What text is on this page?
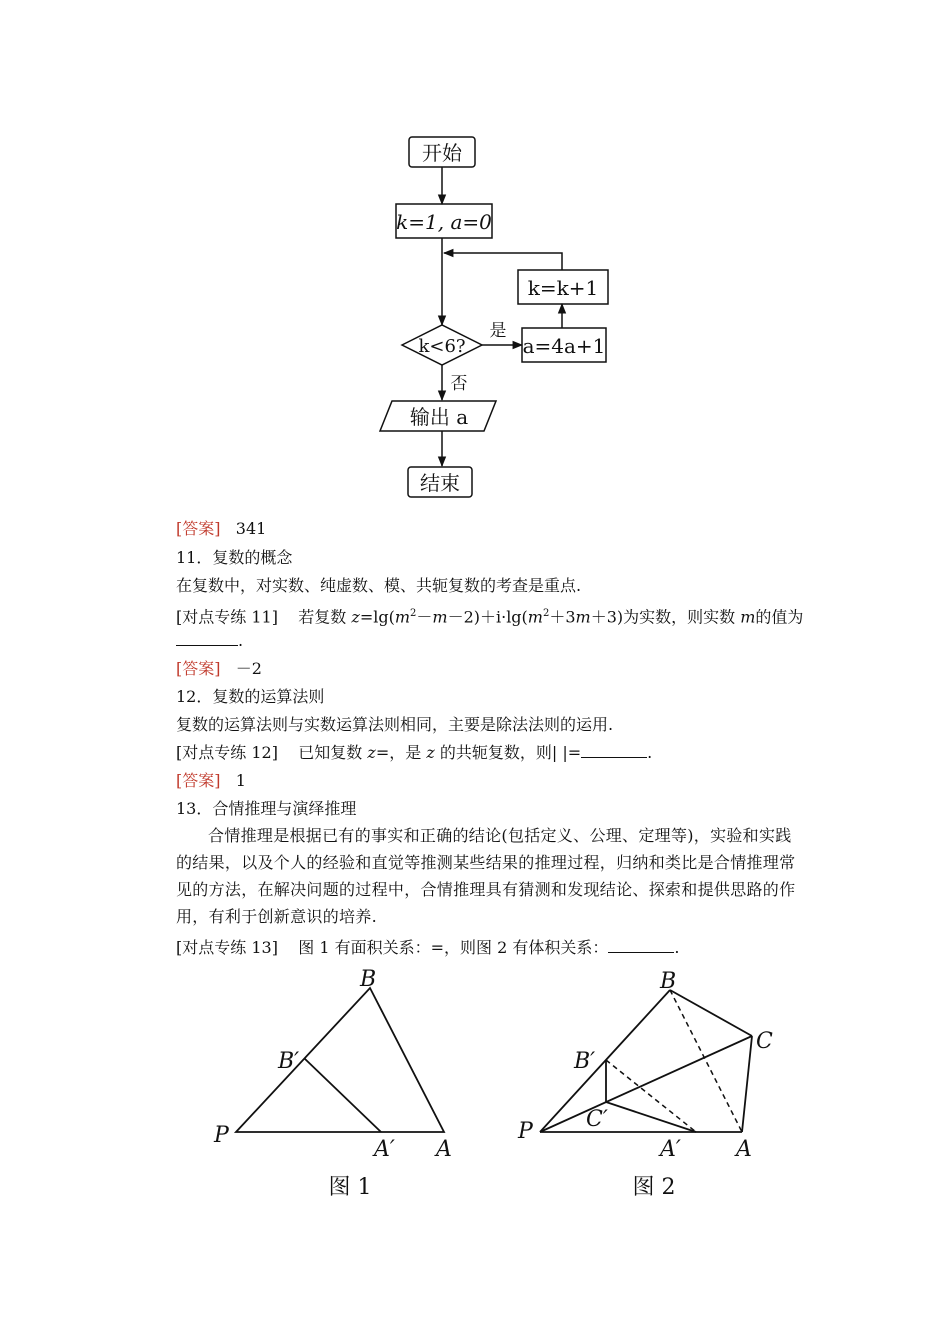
开始
k=1, a=0
k<6?
是
否
a=4a+1
k=k+1
输出 a
结束
[答案] 341
11．复数的概念
在复数中，对实数、纯虚数、模、共轭复数的考查是重点.
[对点专练 11] 若复数 $z=\lg(m^2-m-2)+i\cdot\lg(m^2+3m+3)$为实数，则实数 m的值为
.
[答案] －2
12．复数的运算法则
复数的运算法则与实数运算法则相同，主要是除法法则的运用.
[对点专练 12] 已知复数 z=，是 z 的共轭复数，则| |=	.
[答案] 1
13．合情推理与演绎推理
合情推理是根据已有的事实和正确的结论(包括定义、公理、定理等)，实验和实践的结果，以及个人的经验和直觉等推测某些结果的推理过程，归纳和类比是合情推理常见的方法，在解决问题的过程中，合情推理具有猜测和发现结论、探索和提供思路的作用，有利于创新意识的培养.
[对点专练 13] 图 1 有面积关系：=，则图 2 有体积关系：	.
P
A
B
A′
B′
图 1
P
A
B
C
A′
B′
C′
图 2
